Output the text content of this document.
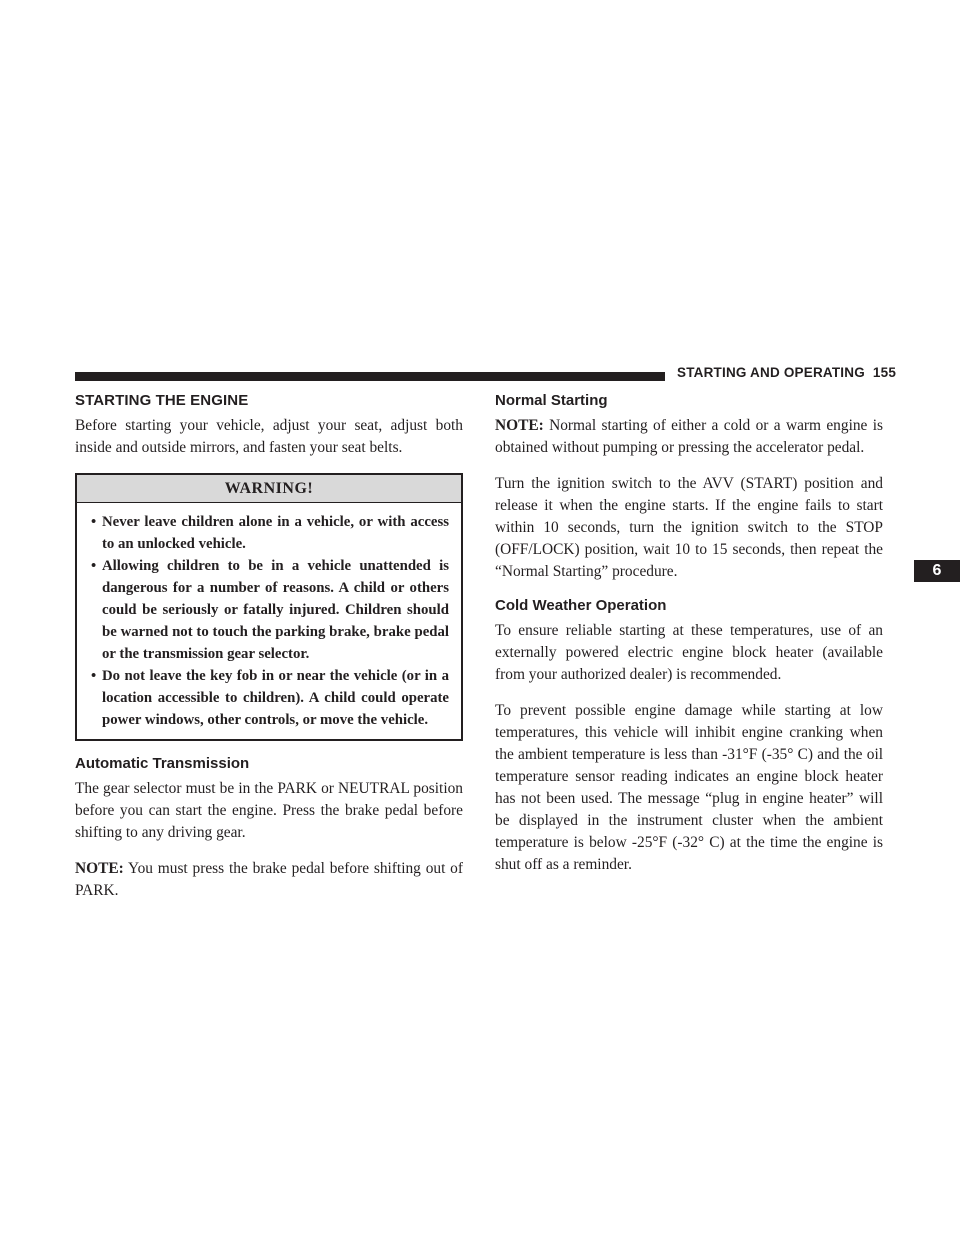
STARTING AND OPERATING 155
6
STARTING THE ENGINE

Before starting your vehicle, adjust your seat, adjust both inside and outside mirrors, and fasten your seat belts.

WARNING!
• Never leave children alone in a vehicle, or with access to an unlocked vehicle.
• Allowing children to be in a vehicle unattended is dangerous for a number of reasons. A child or others could be seriously or fatally injured. Children should be warned not to touch the parking brake, brake pedal or the transmission gear selector.
• Do not leave the key fob in or near the vehicle (or in a location accessible to children). A child could operate power windows, other controls, or move the vehicle.
Automatic Transmission

The gear selector must be in the PARK or NEUTRAL position before you can start the engine. Press the brake pedal before shifting to any driving gear.

NOTE: You must press the brake pedal before shifting out of PARK.

Normal Starting

NOTE: Normal starting of either a cold or a warm engine is obtained without pumping or pressing the accelerator pedal.

Turn the ignition switch to the AVV (START) position and release it when the engine starts. If the engine fails to start within 10 seconds, turn the ignition switch to the STOP (OFF/LOCK) position, wait 10 to 15 seconds, then repeat the “Normal Starting” procedure.

Cold Weather Operation

To ensure reliable starting at these temperatures, use of an externally powered electric engine block heater (available from your authorized dealer) is recommended.

To prevent possible engine damage while starting at low temperatures, this vehicle will inhibit engine cranking when the ambient temperature is less than -31°F (-35° C) and the oil temperature sensor reading indicates an engine block heater has not been used. The message “plug in engine heater” will be displayed in the instrument cluster when the ambient temperature is below -25°F (-32° C) at the time the engine is shut off as a reminder.
